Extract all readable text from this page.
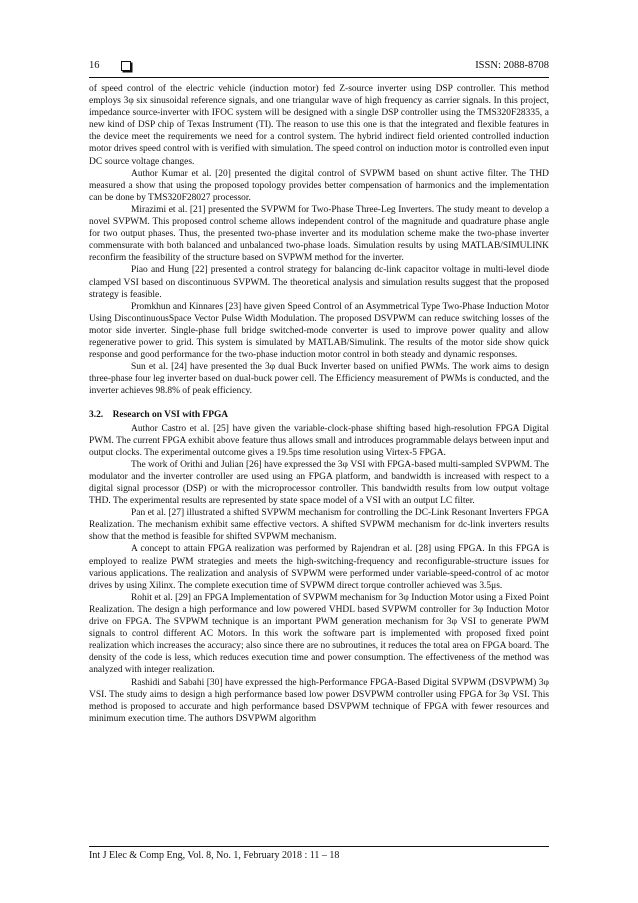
16	ISSN: 2088-8708

of speed control of the electric vehicle (induction motor) fed Z-source inverter using DSP controller. This method employs 3φ six sinusoidal reference signals, and one triangular wave of high frequency as carrier signals. In this project, impedance source-inverter with IFOC system will be designed with a single DSP controller using the TMS320F28335, a new kind of DSP chip of Texas Instrument (TI). The reason to use this one is that the integrated and flexible features in the device meet the requirements we need for a control system. The hybrid indirect field oriented controlled induction motor drives speed control with is verified with simulation. The speed control on induction motor is controlled even input DC source voltage changes.

Author Kumar et al. [20] presented the digital control of SVPWM based on shunt active filter. The THD measured a show that using the proposed topology provides better compensation of harmonics and the implementation can be done by TMS320F28027 processor.

Mirazimi et al. [21] presented the SVPWM for Two-Phase Three-Leg Inverters. The study meant to develop a novel SVPWM. This proposed control scheme allows independent control of the magnitude and quadrature phase angle for two output phases. Thus, the presented two-phase inverter and its modulation scheme make the two-phase inverter commensurate with both balanced and unbalanced two-phase loads. Simulation results by using MATLAB/SIMULINK reconfirm the feasibility of the structure based on SVPWM method for the inverter.

Piao and Hung [22] presented a control strategy for balancing dc-link capacitor voltage in multi-level diode clamped VSI based on discontinuous SVPWM. The theoretical analysis and simulation results suggest that the proposed strategy is feasible.

Promkhun and Kinnares [23] have given Speed Control of an Asymmetrical Type Two-Phase Induction Motor Using DiscontinuousSpace Vector Pulse Width Modulation. The proposed DSVPWM can reduce switching losses of the motor side inverter. Single-phase full bridge switched-mode converter is used to improve power quality and allow regenerative power to grid. This system is simulated by MATLAB/Simulink. The results of the motor side show quick response and good performance for the two-phase induction motor control in both steady and dynamic responses.

Sun et al. [24] have presented the 3φ dual Buck Inverter based on unified PWMs. The work aims to design three-phase four leg inverter based on dual-buck power cell. The Efficiency measurement of PWMs is conducted, and the inverter achieves 98.8% of peak efficiency.

3.2. Research on VSI with FPGA

Author Castro et al. [25] have given the variable-clock-phase shifting based high-resolution FPGA Digital PWM. The current FPGA exhibit above feature thus allows small and introduces programmable delays between input and output clocks. The experimental outcome gives a 19.5ps time resolution using Virtex-5 FPGA.

The work of Orithi and Julian [26] have expressed the 3φ VSI with FPGA-based multi-sampled SVPWM. The modulator and the inverter controller are used using an FPGA platform, and bandwidth is increased with respect to a digital signal processor (DSP) or with the microprocessor controller. This bandwidth results from low output voltage THD. The experimental results are represented by state space model of a VSI with an output LC filter.

Pan et al. [27] illustrated a shifted SVPWM mechanism for controlling the DC-Link Resonant Inverters FPGA Realization. The mechanism exhibit same effective vectors. A shifted SVPWM mechanism for dc-link inverters results show that the method is feasible for shifted SVPWM mechanism.

A concept to attain FPGA realization was performed by Rajendran et al. [28] using FPGA. In this FPGA is employed to realize PWM strategies and meets the high-switching-frequency and reconfigurable-structure issues for various applications. The realization and analysis of SVPWM were performed under variable-speed-control of ac motor drives by using Xilinx. The complete execution time of SVPWM direct torque controller achieved was 3.5μs.

Rohit et al. [29] an FPGA Implementation of SVPWM mechanism for 3φ Induction Motor using a Fixed Point Realization. The design a high performance and low powered VHDL based SVPWM controller for 3φ Induction Motor drive on FPGA. The SVPWM technique is an important PWM generation mechanism for 3φ VSI to generate PWM signals to control different AC Motors. In this work the software part is implemented with proposed fixed point realization which increases the accuracy; also since there are no subroutines, it reduces the total area on FPGA board. The density of the code is less, which reduces execution time and power consumption. The effectiveness of the method was analyzed with integer realization.

Rashidi and Sabahi [30] have expressed the high-Performance FPGA-Based Digital SVPWM (DSVPWM) 3φ VSI. The study aims to design a high performance based low power DSVPWM controller using FPGA for 3φ VSI. This method is proposed to accurate and high performance based DSVPWM technique of FPGA with fewer resources and minimum execution time. The authors DSVPWM algorithm

Int J Elec & Comp Eng, Vol. 8, No. 1, February 2018 : 11 – 18
